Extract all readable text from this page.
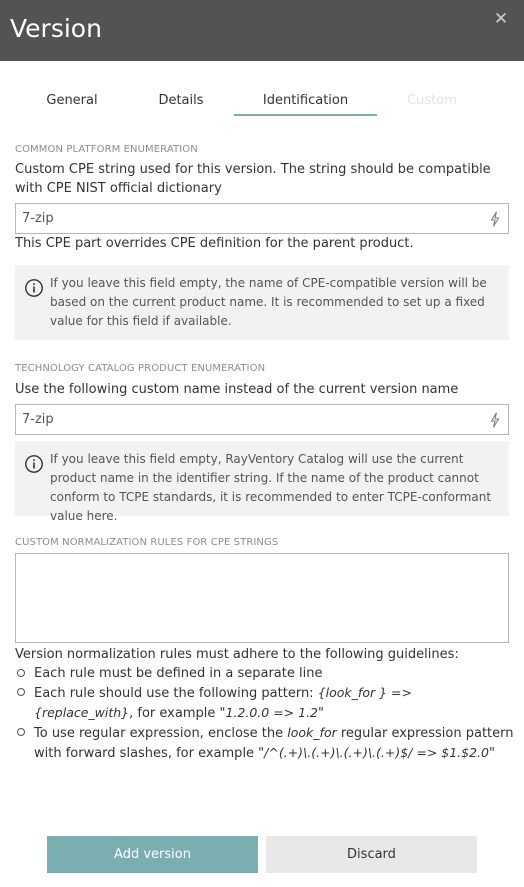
Version	✕
General	Details	Identification	Custom
COMMON PLATFORM ENUMERATION
Custom CPE string used for this version. The string should be compatible with CPE NIST official dictionary
7-zip
This CPE part overrides CPE definition for the parent product.
If you leave this field empty, the name of CPE-compatible version will be based on the current product name. It is recommended to set up a fixed value for this field if available.
TECHNOLOGY CATALOG PRODUCT ENUMERATION
Use the following custom name instead of the current version name
7-zip
If you leave this field empty, RayVentory Catalog will use the current product name in the identifier string. If the name of the product cannot conform to TCPE standards, it is recommended to enter TCPE-conformant value here.
CUSTOM NORMALIZATION RULES FOR CPE STRINGS
Version normalization rules must adhere to the following guidelines:
Each rule must be defined in a separate line
Each rule should use the following pattern: {look_for } => {replace_with}, for example "1.2.0.0 => 1.2"
To use regular expression, enclose the look_for regular expression pattern with forward slashes, for example "/^(.+)\.(.+)\.(.+)\.(.+)$/ => $1.$2.0"
Add version	Discard
